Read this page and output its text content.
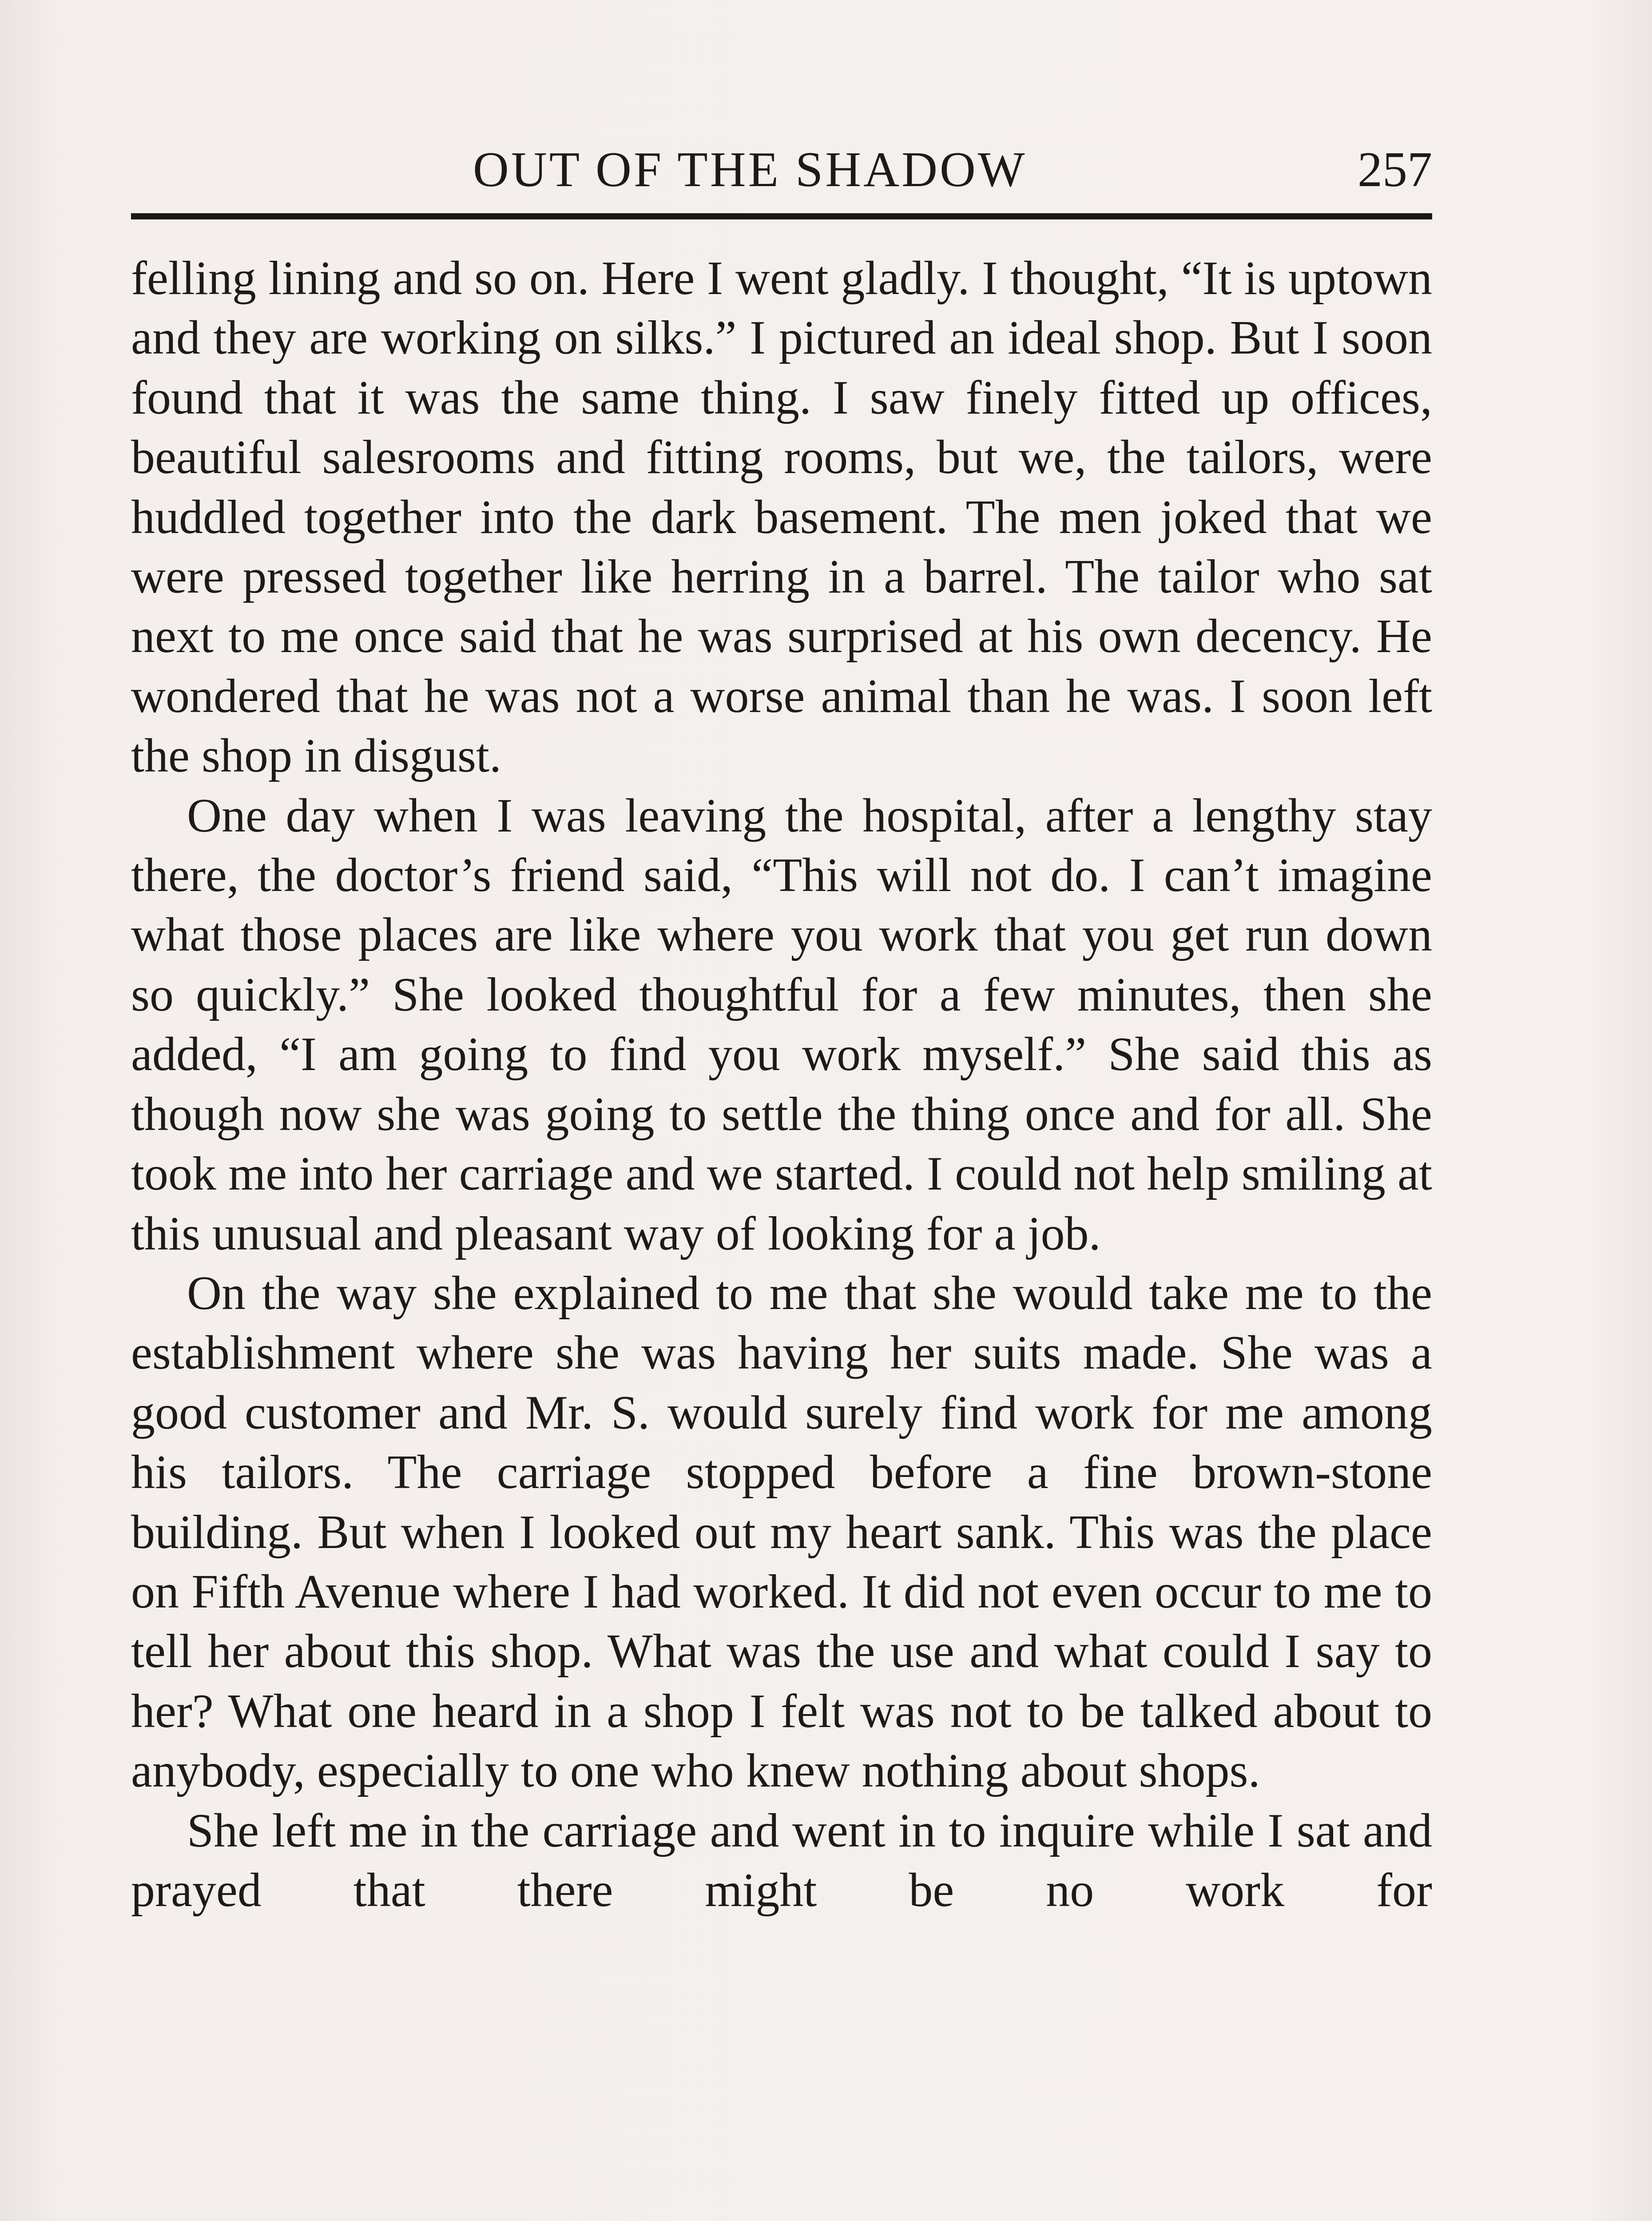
OUT OF THE SHADOW	257

felling lining and so on. Here I went gladly. I thought, “It is uptown and they are working on silks.” I pictured an ideal shop. But I soon found that it was the same thing. I saw finely fitted up offices, beautiful salesrooms and fitting rooms, but we, the tailors, were huddled together into the dark basement. The men joked that we were pressed together like herring in a barrel. The tailor who sat next to me once said that he was surprised at his own decency. He wondered that he was not a worse animal than he was. I soon left the shop in disgust.

One day when I was leaving the hospital, after a lengthy stay there, the doctor’s friend said, “This will not do. I can’t imagine what those places are like where you work that you get run down so quickly.” She looked thoughtful for a few minutes, then she added, “I am going to find you work myself.” She said this as though now she was going to settle the thing once and for all. She took me into her carriage and we started. I could not help smiling at this unusual and pleasant way of looking for a job.

On the way she explained to me that she would take me to the establishment where she was having her suits made. She was a good customer and Mr. S. would surely find work for me among his tailors. The carriage stopped before a fine brown-stone building. But when I looked out my heart sank. This was the place on Fifth Avenue where I had worked. It did not even occur to me to tell her about this shop. What was the use and what could I say to her? What one heard in a shop I felt was not to be talked about to anybody, especially to one who knew nothing about shops.

She left me in the carriage and went in to inquire while I sat and prayed that there might be no work for
